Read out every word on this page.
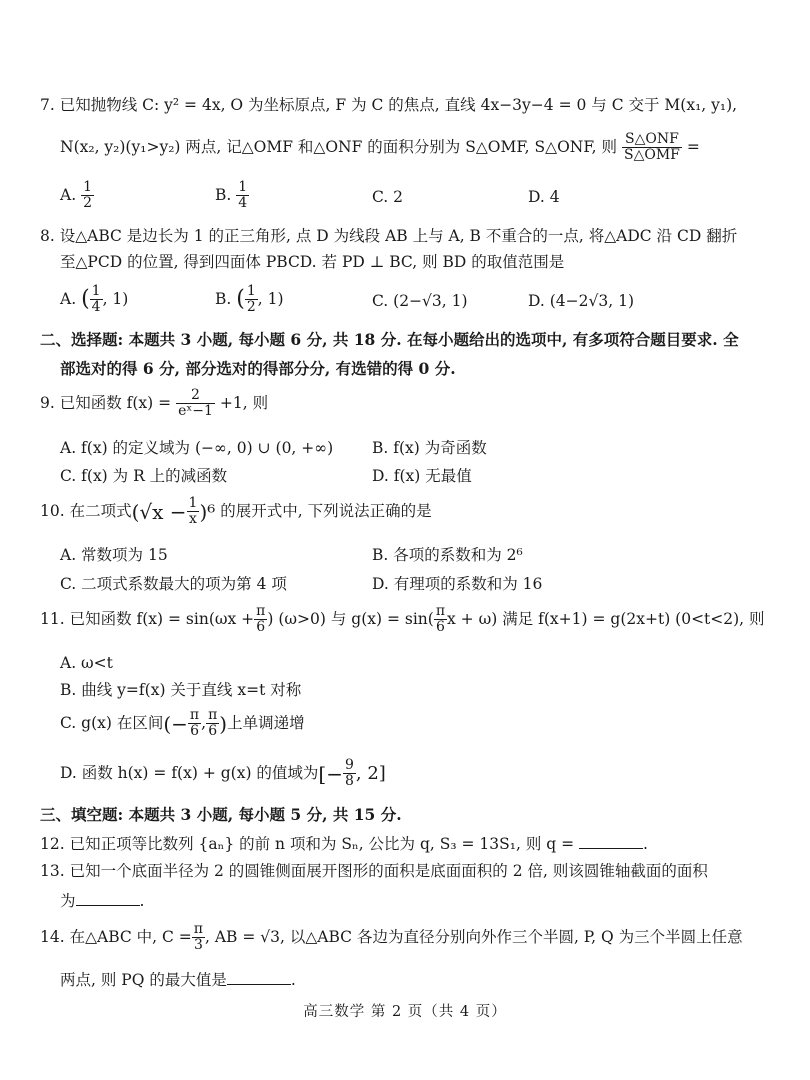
7. 已知抛物线 C: y² = 4x, O 为坐标原点, F 为 C 的焦点, 直线 4x−3y−4 = 0 与 C 交于 M(x₁, y₁),
N(x₂, y₂)(y₁>y₂) 两点, 记△OMF 和△ONF 的面积分别为 S△OMF, S△ONF, 则 $\frac{\text{S△ONF}}{\text{S△OMF}}$ =
A. $\frac{1}{2}$	B. $\frac{1}{4}$	C. 2	D. 4
8. 设△ABC 是边长为 1 的正三角形, 点 D 为线段 AB 上与 A, B 不重合的一点, 将△ADC 沿 CD 翻折
至△PCD 的位置, 得到四面体 PBCD. 若 PD ⊥ BC, 则 BD 的取值范围是
A. ( $\frac{1}{4}$ , 1)	B. ( $\frac{1}{2}$ , 1)	C. (2−√3, 1)	D. (4−2√3, 1)
二、选择题: 本题共 3 小题, 每小题 6 分, 共 18 分. 在每小题给出的选项中, 有多项符合题目要求. 全
部选对的得 6 分, 部分选对的得部分分, 有选错的得 0 分.
9. 已知函数 $f(x) = \frac{2}{\text{eˣ−1}} +1$, 则
A. f(x) 的定义域为 (−∞, 0) ∪ (0, +∞)	B. f(x) 为奇函数
C. f(x) 为 R 上的减函数	D. f(x) 无最值
10. 在二项式$(√x - \frac{1}{x} )^6$ 的展开式中, 下列说法正确的是
A. 常数项为 15	B. 各项的系数和为 2⁶
C. 二项式系数最大的项为第 4 项	D. 有理项的系数和为 16
11. 已知函数 $f(x) = \sin(\omega x + \frac{\pi}{6}$ ) (ω>0) 与 $g(x) = \sin( \frac{\pi}{6}$ x + ω) 满足 f(x+1) = g(2x+t) (0<t<2), 则
A. ω<t
B. 曲线 y=f(x) 关于直线 x=t 对称
C. g(x) 在区间(− $\frac{\pi}{6}$ , $\frac{\pi}{6}$ )上单调递增
D. 函数 h(x) = f(x) + g(x) 的值域为[− $\frac{9}{8}$ , 2]
三、填空题: 本题共 3 小题, 每小题 5 分, 共 15 分.
12. 已知正项等比数列 {aₙ} 的前 n 项和为 Sₙ, 公比为 q, S₃ = 13S₁, 则 q =	.
13. 已知一个底面半径为 2 的圆锥侧面展开图形的面积是底面面积的 2 倍, 则该圆锥轴截面的面积
为	.
14. 在△ABC 中, $C = \frac{\pi}{3}$ , AB = √3, 以△ABC 各边为直径分别向外作三个半圆, P, Q 为三个半圆上任意
两点, 则 PQ 的最大值是	.
高三数学 第 2 页（共 4 页）
